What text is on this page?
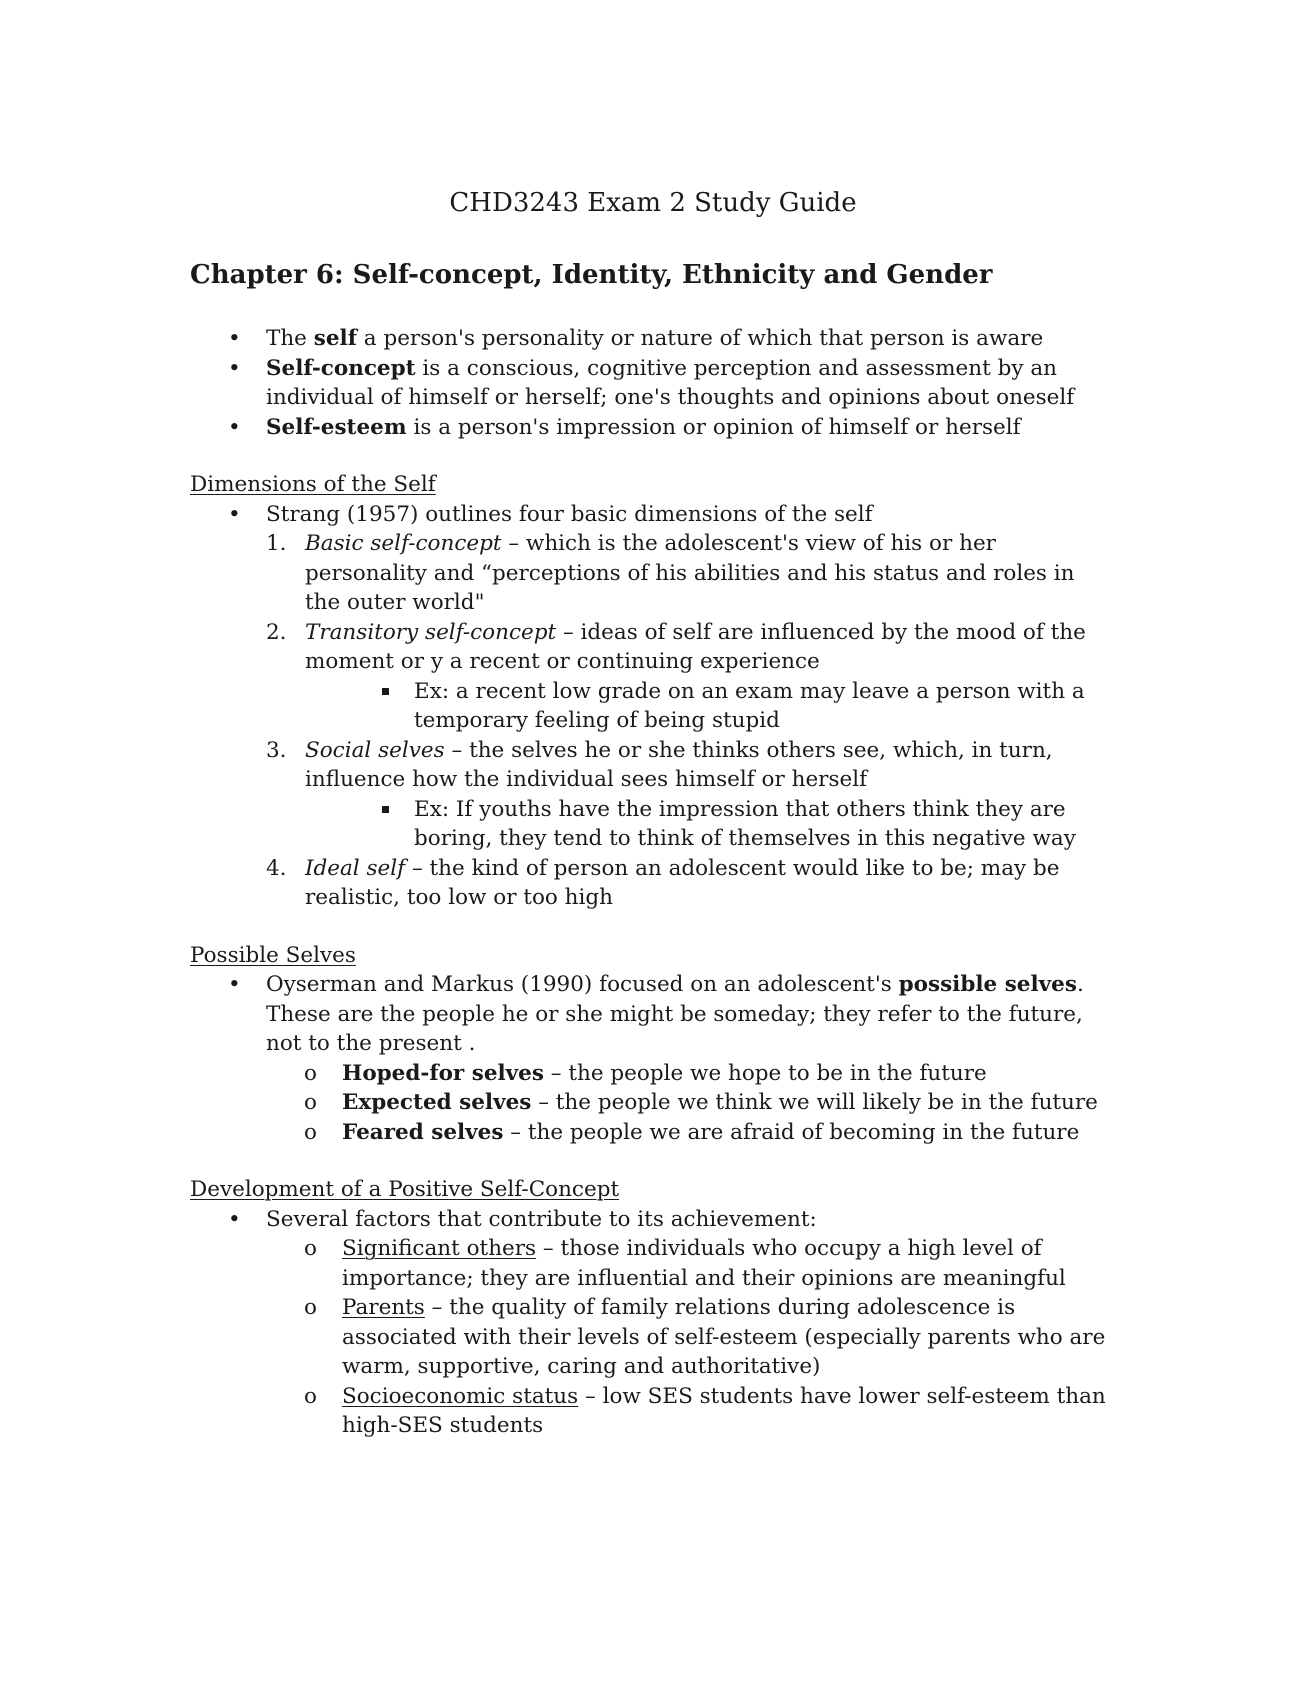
CHD3243 Exam 2 Study Guide
Chapter 6: Self-concept, Identity, Ethnicity and Gender
• The self a person's personality or nature of which that person is aware
• Self-concept is a conscious, cognitive perception and assessment by an individual of himself or herself; one's thoughts and opinions about oneself
• Self-esteem is a person's impression or opinion of himself or herself
Dimensions of the Self
• Strang (1957) outlines four basic dimensions of the self
1. Basic self-concept – which is the adolescent's view of his or her personality and “perceptions of his abilities and his status and roles in the outer world"
2. Transitory self-concept – ideas of self are influenced by the mood of the moment or y a recent or continuing experience
Ex: a recent low grade on an exam may leave a person with a temporary feeling of being stupid
3. Social selves – the selves he or she thinks others see, which, in turn, influence how the individual sees himself or herself
Ex: If youths have the impression that others think they are boring, they tend to think of themselves in this negative way
4. Ideal self – the kind of person an adolescent would like to be; may be realistic, too low or too high
Possible Selves
• Oyserman and Markus (1990) focused on an adolescent's possible selves. These are the people he or she might be someday; they refer to the future, not to the present .
o Hoped-for selves – the people we hope to be in the future
o Expected selves – the people we think we will likely be in the future
o Feared selves – the people we are afraid of becoming in the future
Development of a Positive Self-Concept
• Several factors that contribute to its achievement:
o Significant others – those individuals who occupy a high level of importance; they are influential and their opinions are meaningful
o Parents – the quality of family relations during adolescence is associated with their levels of self-esteem (especially parents who are warm, supportive, caring and authoritative)
o Socioeconomic status – low SES students have lower self-esteem than high-SES students
